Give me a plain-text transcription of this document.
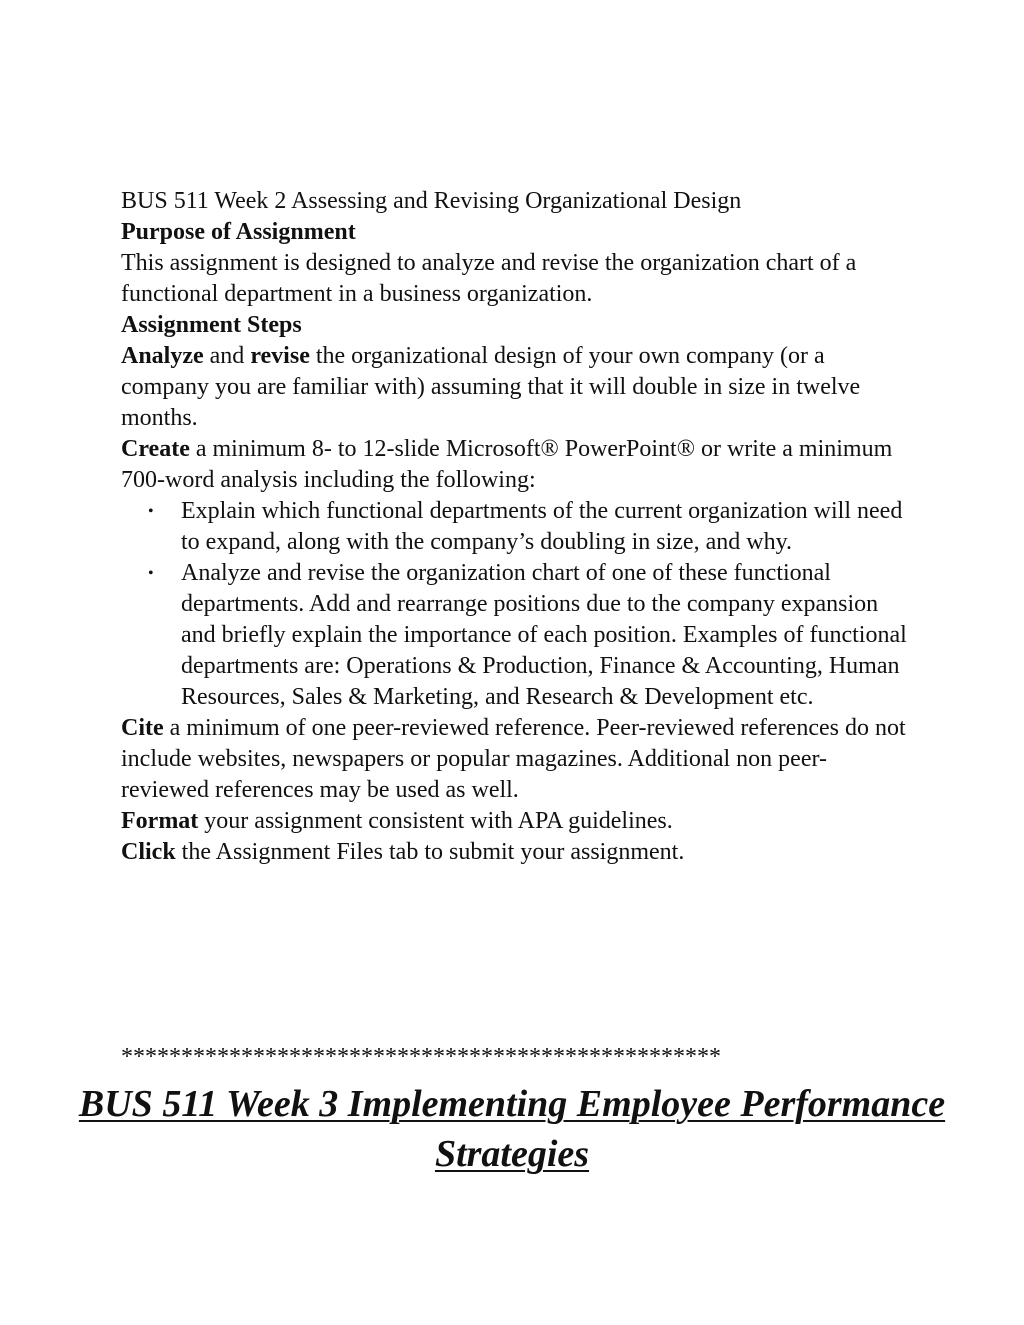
BUS 511 Week 2 Assessing and Revising Organizational Design

Purpose of Assignment

This assignment is designed to analyze and revise the organization chart of a functional department in a business organization.

Assignment Steps

Analyze and revise the organizational design of your own company (or a company you are familiar with) assuming that it will double in size in twelve months.

Create a minimum 8- to 12-slide Microsoft® PowerPoint® or write a minimum 700-word analysis including the following:

• Explain which functional departments of the current organization will need to expand, along with the company’s doubling in size, and why.
• Analyze and revise the organization chart of one of these functional departments. Add and rearrange positions due to the company expansion and briefly explain the importance of each position. Examples of functional departments are: Operations & Production, Finance & Accounting, Human Resources, Sales & Marketing, and Research & Development etc.

Cite a minimum of one peer-reviewed reference. Peer-reviewed references do not include websites, newspapers or popular magazines. Additional non peer-reviewed references may be used as well.

Format your assignment consistent with APA guidelines.

Click the Assignment Files tab to submit your assignment.

**************************************************
BUS 511 Week 3 Implementing Employee Performance Strategies
